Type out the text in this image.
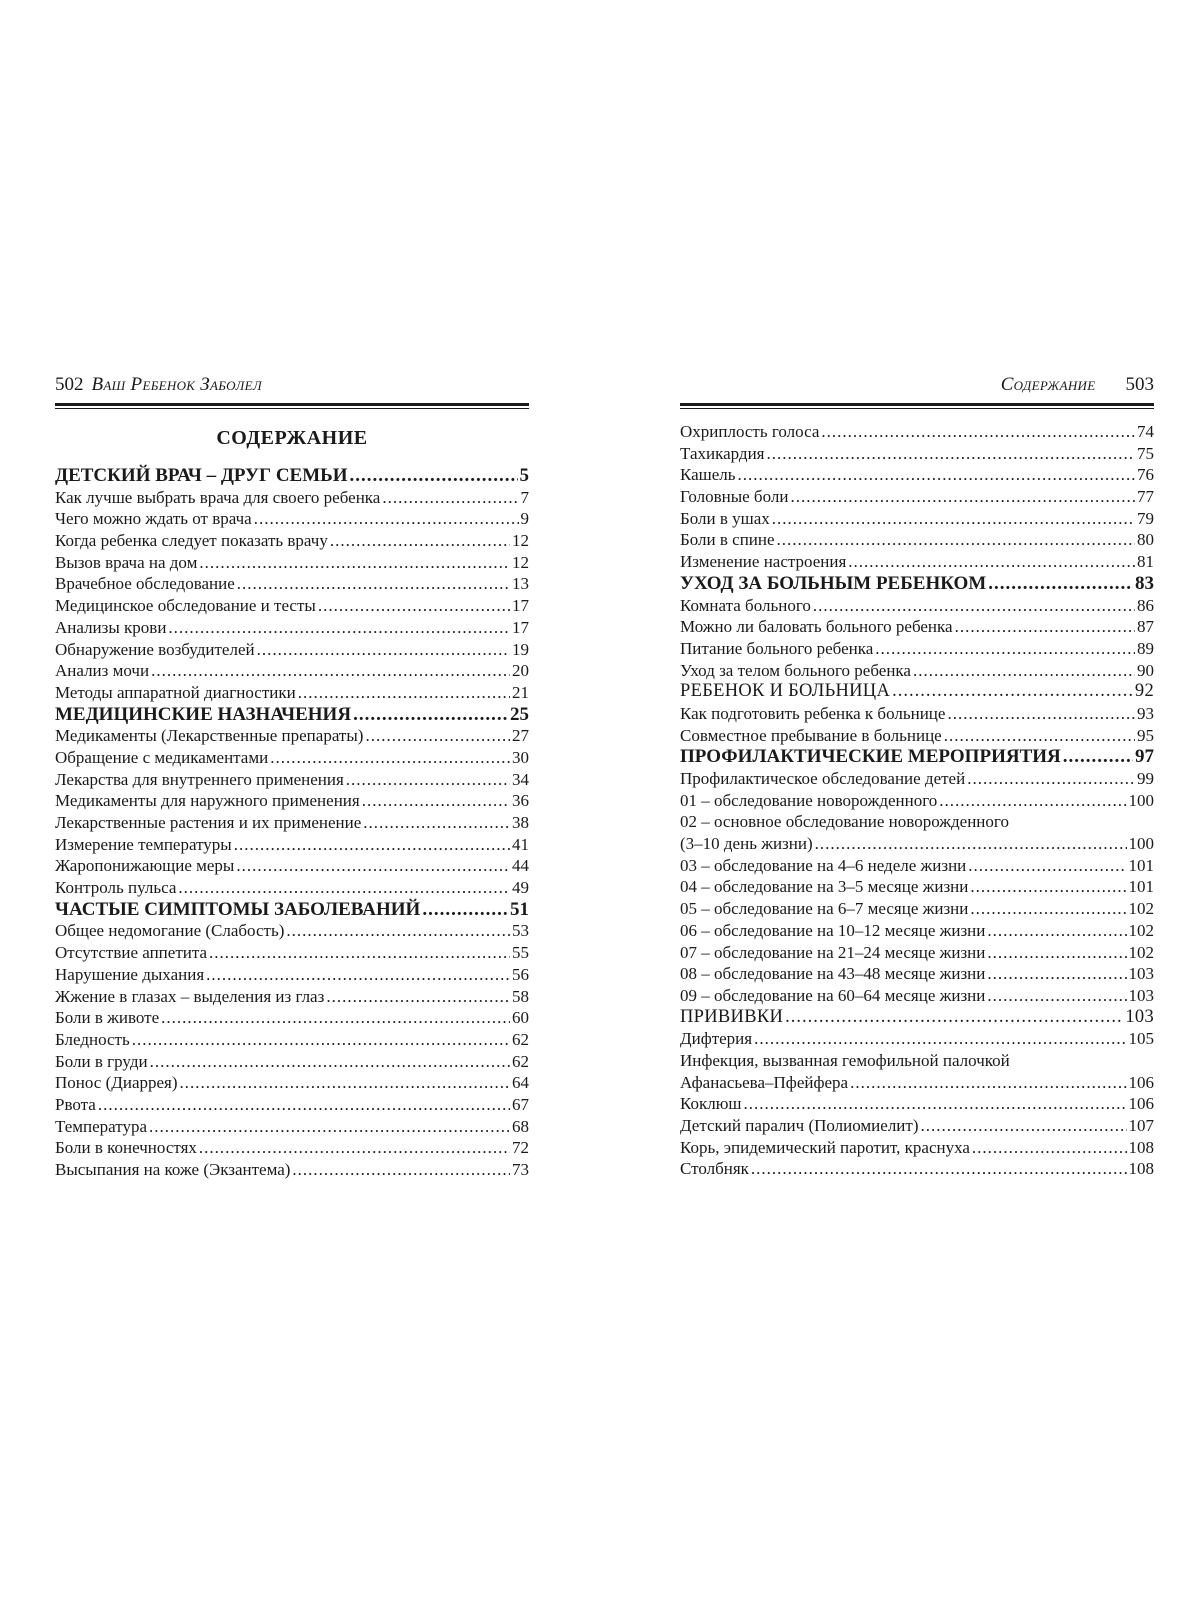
502 Ваш Ребенок Заболел
СОДЕРЖАНИЕ
ДЕТСКИЙ ВРАЧ – ДРУГ СЕМЬИ .....	5
Как лучше выбрать врача для своего ребенка .....	7
Чего можно ждать от врача .....	9
Когда ребенка следует показать врачу .....	12
Вызов врача на дом .....	12
Врачебное обследование .....	13
Медицинское обследование и тесты .....	17
Анализы крови .....	17
Обнаружение возбудителей .....	19
Анализ мочи .....	20
Методы аппаратной диагностики .....	21
МЕДИЦИНСКИЕ НАЗНАЧЕНИЯ .....	25
Медикаменты (Лекарственные препараты) .....	27
Обращение с медикаментами .....	30
Лекарства для внутреннего применения .....	34
Медикаменты для наружного применения .....	36
Лекарственные растения и их применение .....	38
Измерение температуры .....	41
Жаропонижающие меры .....	44
Контроль пульса .....	49
ЧАСТЫЕ СИМПТОМЫ ЗАБОЛЕВАНИЙ .....	51
Общее недомогание (Слабость) .....	53
Отсутствие аппетита .....	55
Нарушение дыхания .....	56
Жжение в глазах – выделения из глаз .....	58
Боли в животе .....	60
Бледность .....	62
Боли в груди .....	62
Понос (Диаррея) .....	64
Рвота .....	67
Температура .....	68
Боли в конечностях .....	72
Высыпания на коже (Экзантема) .....	73
Содержание 503
Охриплость голоса .....	74
Тахикардия .....	75
Кашель .....	76
Головные боли .....	77
Боли в ушах .....	79
Боли в спине .....	80
Изменение настроения .....	81
УХОД ЗА БОЛЬНЫМ РЕБЕНКОМ .....	83
Комната больного .....	86
Можно ли баловать больного ребенка .....	87
Питание больного ребенка .....	89
Уход за телом больного ребенка .....	90
РЕБЕНОК И БОЛЬНИЦА .....	92
Как подготовить ребенка к больнице .....	93
Совместное пребывание в больнице .....	95
ПРОФИЛАКТИЧЕСКИЕ МЕРОПРИЯТИЯ .....	97
Профилактическое обследование детей .....	99
01 – обследование новорожденного .....	100
02 – основное обследование новорожденного
(3–10 день жизни) .....	100
03 – обследование на 4–6 неделе жизни .....	101
04 – обследование на 3–5 месяце жизни .....	101
05 – обследование на 6–7 месяце жизни .....	102
06 – обследование на 10–12 месяце жизни .....	102
07 – обследование на 21–24 месяце жизни .....	102
08 – обследование на 43–48 месяце жизни .....	103
09 – обследование на 60–64 месяце жизни .....	103
ПРИВИВКИ .....	103
Дифтерия .....	105
Инфекция, вызванная гемофильной палочкой
Афанасьева–Пфейфера .....	106
Коклюш .....	106
Детский паралич (Полиомиелит) .....	107
Корь, эпидемический паротит, краснуха .....	108
Столбняк .....	108
